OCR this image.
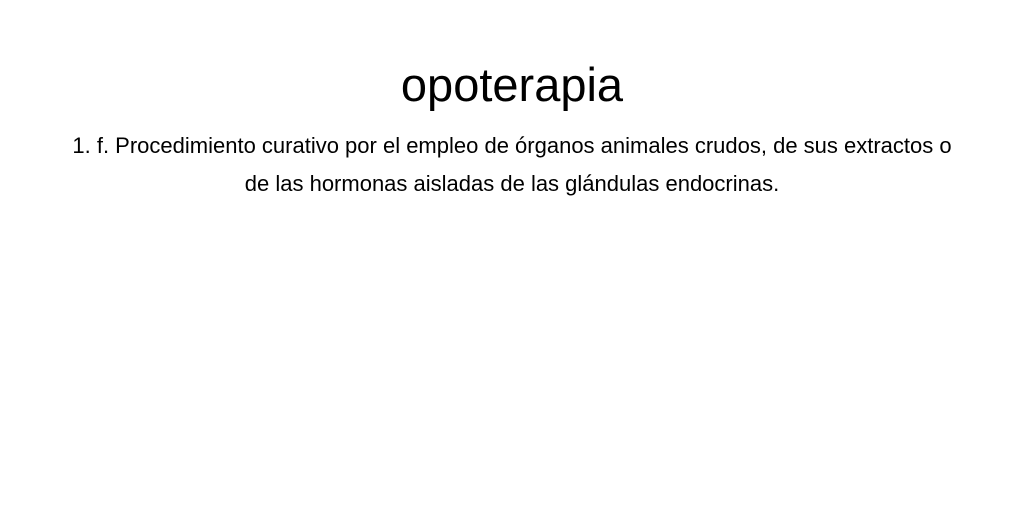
opoterapia

1. f. Procedimiento curativo por el empleo de órganos animales crudos, de sus extractos o de las hormonas aisladas de las glándulas endocrinas.
